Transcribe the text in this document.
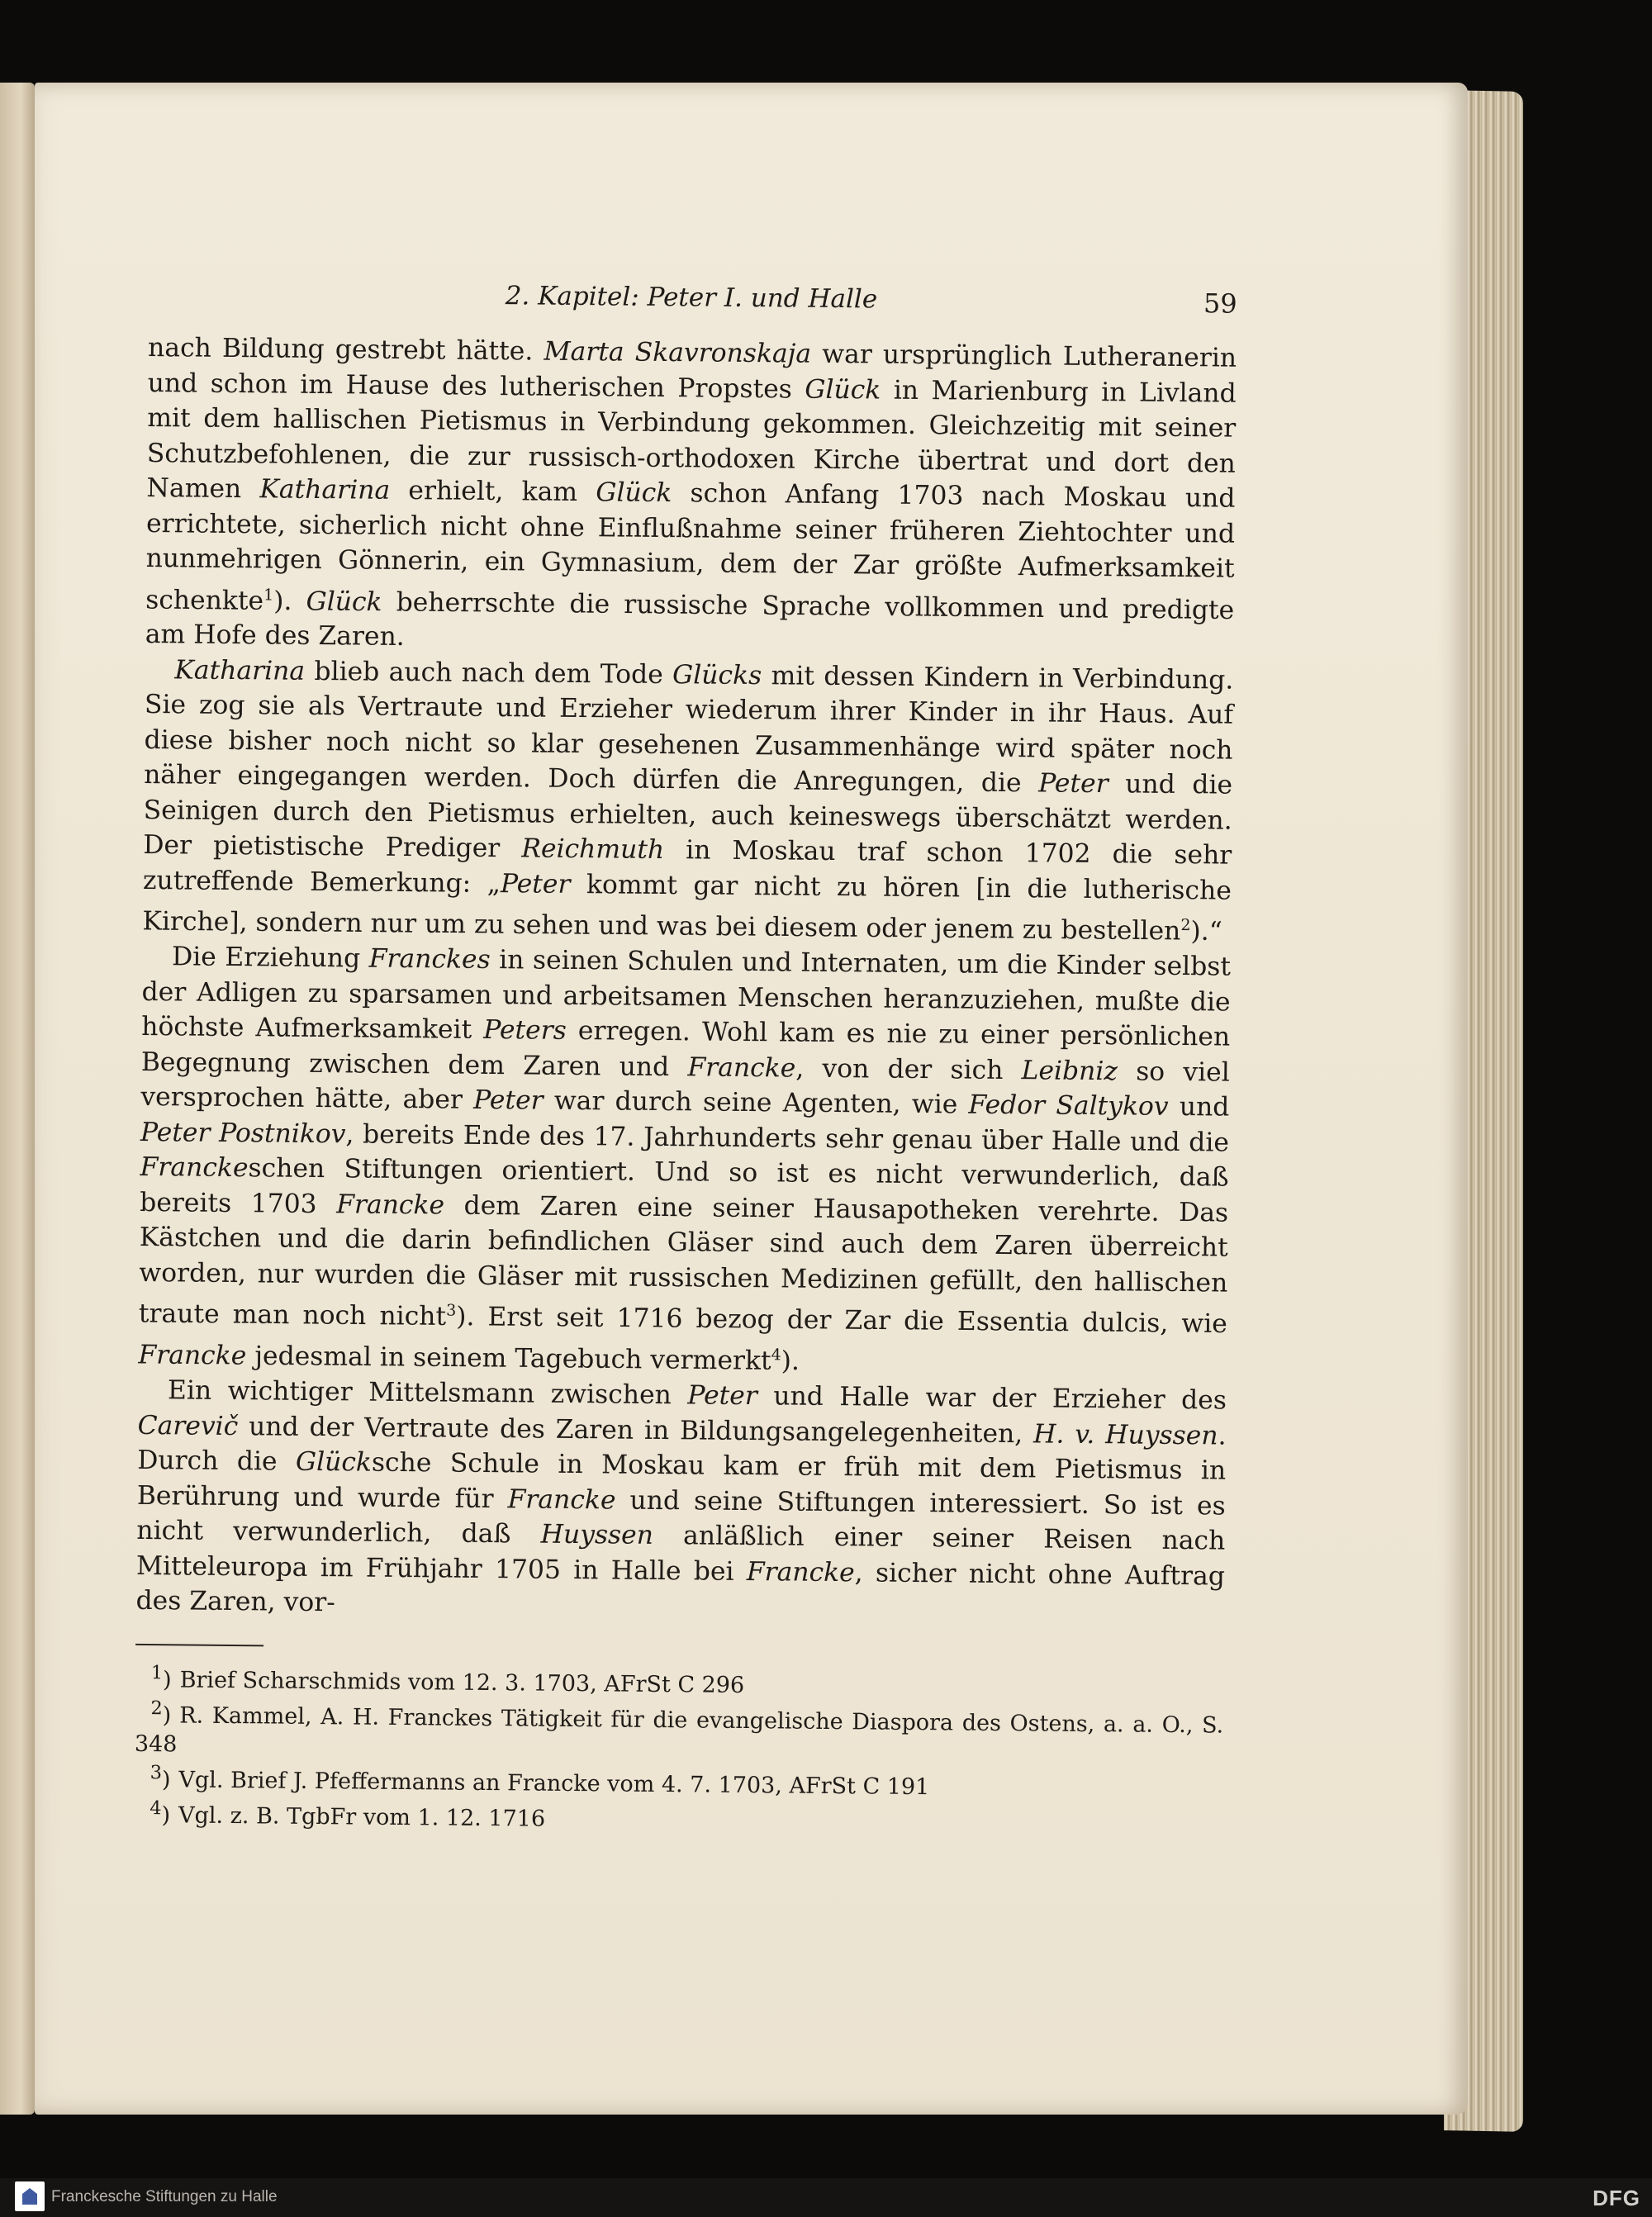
2. Kapitel: Peter I. und Halle	59

nach Bildung gestrebt hätte. Marta Skavronskaja war ursprünglich Lutheranerin und schon im Hause des lutherischen Propstes Glück in Marienburg in Livland mit dem hallischen Pietismus in Verbindung gekommen. Gleichzeitig mit seiner Schutzbefohlenen, die zur russisch-orthodoxen Kirche übertrat und dort den Namen Katharina erhielt, kam Glück schon Anfang 1703 nach Moskau und errichtete, sicherlich nicht ohne Einflußnahme seiner früheren Ziehtochter und nunmehrigen Gönnerin, ein Gymnasium, dem der Zar größte Aufmerksamkeit schenkte$^1$). Glück beherrschte die russische Sprache vollkommen und predigte am Hofe des Zaren.

Katharina blieb auch nach dem Tode Glücks mit dessen Kindern in Verbindung. Sie zog sie als Vertraute und Erzieher wiederum ihrer Kinder in ihr Haus. Auf diese bisher noch nicht so klar gesehenen Zusammenhänge wird später noch näher eingegangen werden. Doch dürfen die Anregungen, die Peter und die Seinigen durch den Pietismus erhielten, auch keineswegs überschätzt werden. Der pietistische Prediger Reichmuth in Moskau traf schon 1702 die sehr zutreffende Bemerkung: „Peter kommt gar nicht zu hören [in die lutherische Kirche], sondern nur um zu sehen und was bei diesem oder jenem zu bestellen$^2$).“

Die Erziehung Franckes in seinen Schulen und Internaten, um die Kinder selbst der Adligen zu sparsamen und arbeitsamen Menschen heranzuziehen, mußte die höchste Aufmerksamkeit Peters erregen. Wohl kam es nie zu einer persönlichen Begegnung zwischen dem Zaren und Francke, von der sich Leibniz so viel versprochen hätte, aber Peter war durch seine Agenten, wie Fedor Saltykov und Peter Postnikov, bereits Ende des 17. Jahrhunderts sehr genau über Halle und die Franckeschen Stiftungen orientiert. Und so ist es nicht verwunderlich, daß bereits 1703 Francke dem Zaren eine seiner Hausapotheken verehrte. Das Kästchen und die darin befindlichen Gläser sind auch dem Zaren überreicht worden, nur wurden die Gläser mit russischen Medizinen gefüllt, den hallischen traute man noch nicht$^3$). Erst seit 1716 bezog der Zar die Essentia dulcis, wie Francke jedesmal in seinem Tagebuch vermerkt$^4$).

Ein wichtiger Mittelsmann zwischen Peter und Halle war der Erzieher des Carevič und der Vertraute des Zaren in Bildungsangelegenheiten, H. v. Huyssen. Durch die Glücksche Schule in Moskau kam er früh mit dem Pietismus in Berührung und wurde für Francke und seine Stiftungen interessiert. So ist es nicht verwunderlich, daß Huyssen anläßlich einer seiner Reisen nach Mitteleuropa im Frühjahr 1705 in Halle bei Francke, sicher nicht ohne Auftrag des Zaren, vor-

$^1$) Brief Scharschmids vom 12. 3. 1703, AFrSt C 296

$^2$) R. Kammel, A. H. Franckes Tätigkeit für die evangelische Diaspora des Ostens, a. a. O., S. 348

$^3$) Vgl. Brief J. Pfeffermanns an Francke vom 4. 7. 1703, AFrSt C 191

$^4$) Vgl. z. B. TgbFr vom 1. 12. 1716

Franckesche Stiftungen zu Halle	DFG
